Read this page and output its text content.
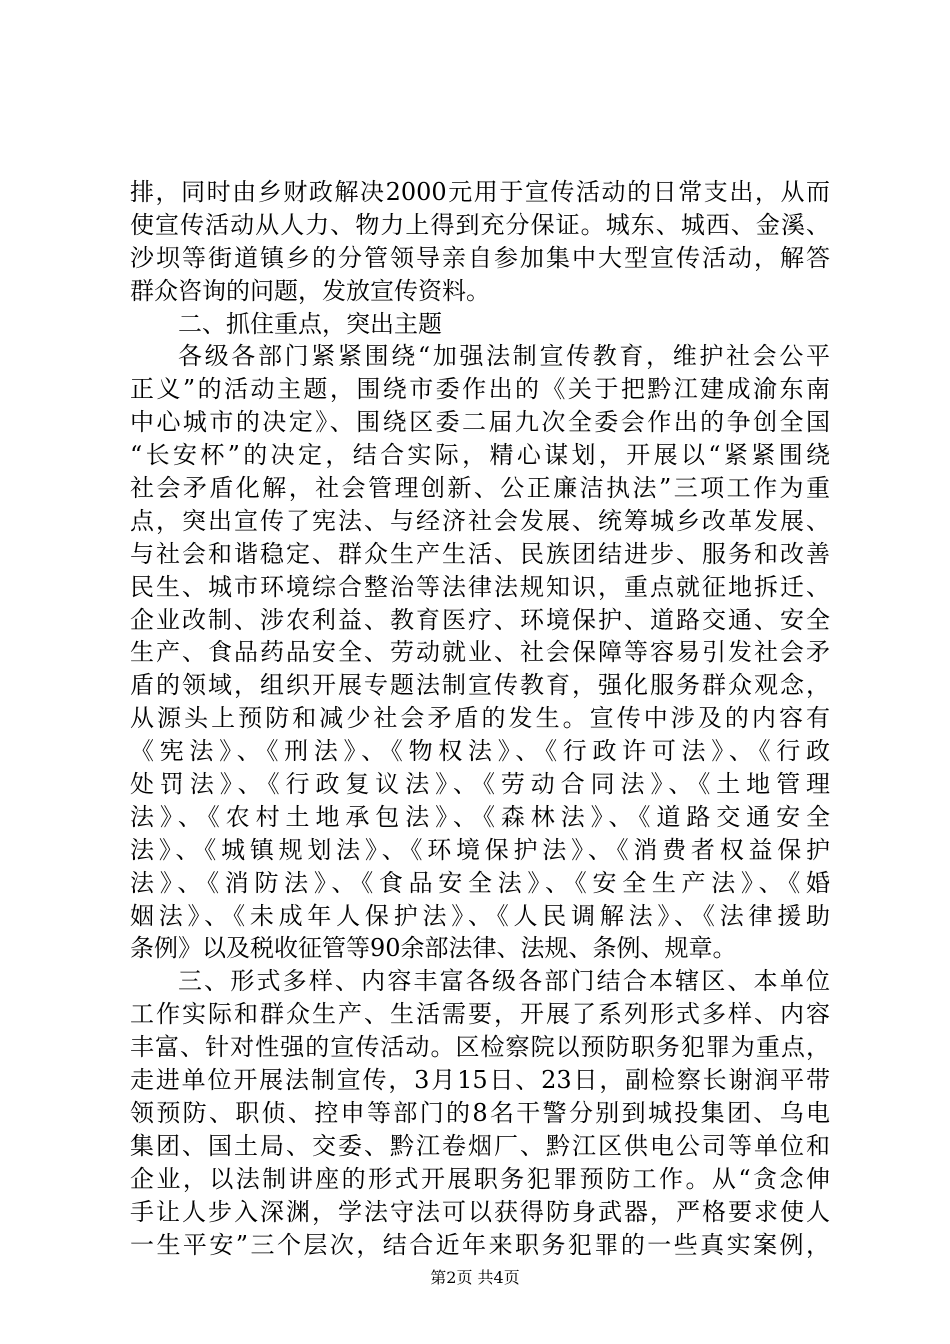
排，同时由乡财政解决2000元用于宣传活动的日常支出，从而
使宣传活动从人力、物力上得到充分保证。城东、城西、金溪、
沙坝等街道镇乡的分管领导亲自参加集中大型宣传活动，解答
群众咨询的问题，发放宣传资料。
二、抓住重点，突出主题
各级各部门紧紧围绕“加强法制宣传教育，维护社会公平
正义”的活动主题，围绕市委作出的《关于把黔江建成渝东南
中心城市的决定》、围绕区委二届九次全委会作出的争创全国
“长安杯”的决定，结合实际，精心谋划，开展以“紧紧围绕
社会矛盾化解，社会管理创新、公正廉洁执法”三项工作为重
点，突出宣传了宪法、与经济社会发展、统筹城乡改革发展、
与社会和谐稳定、群众生产生活、民族团结进步、服务和改善
民生、城市环境综合整治等法律法规知识，重点就征地拆迁、
企业改制、涉农利益、教育医疗、环境保护、道路交通、安全
生产、食品药品安全、劳动就业、社会保障等容易引发社会矛
盾的领域，组织开展专题法制宣传教育，强化服务群众观念，
从源头上预防和减少社会矛盾的发生。宣传中涉及的内容有
《宪法》、《刑法》、《物权法》、《行政许可法》、《行政
处罚法》、《行政复议法》、《劳动合同法》、《土地管理
法》、《农村土地承包法》、《森林法》、《道路交通安全
法》、《城镇规划法》、《环境保护法》、《消费者权益保护
法》、《消防法》、《食品安全法》、《安全生产法》、《婚
姻法》、《未成年人保护法》、《人民调解法》、《法律援助
条例》以及税收征管等90余部法律、法规、条例、规章。
三、形式多样、内容丰富各级各部门结合本辖区、本单位
工作实际和群众生产、生活需要，开展了系列形式多样、内容
丰富、针对性强的宣传活动。区检察院以预防职务犯罪为重点，
走进单位开展法制宣传，3月15日、23日，副检察长谢润平带
领预防、职侦、控申等部门的8名干警分别到城投集团、乌电
集团、国土局、交委、黔江卷烟厂、黔江区供电公司等单位和
企业，以法制讲座的形式开展职务犯罪预防工作。从“贪念伸
手让人步入深渊，学法守法可以获得防身武器，严格要求使人
一生平安”三个层次，结合近年来职务犯罪的一些真实案例，
第2页 共4页
